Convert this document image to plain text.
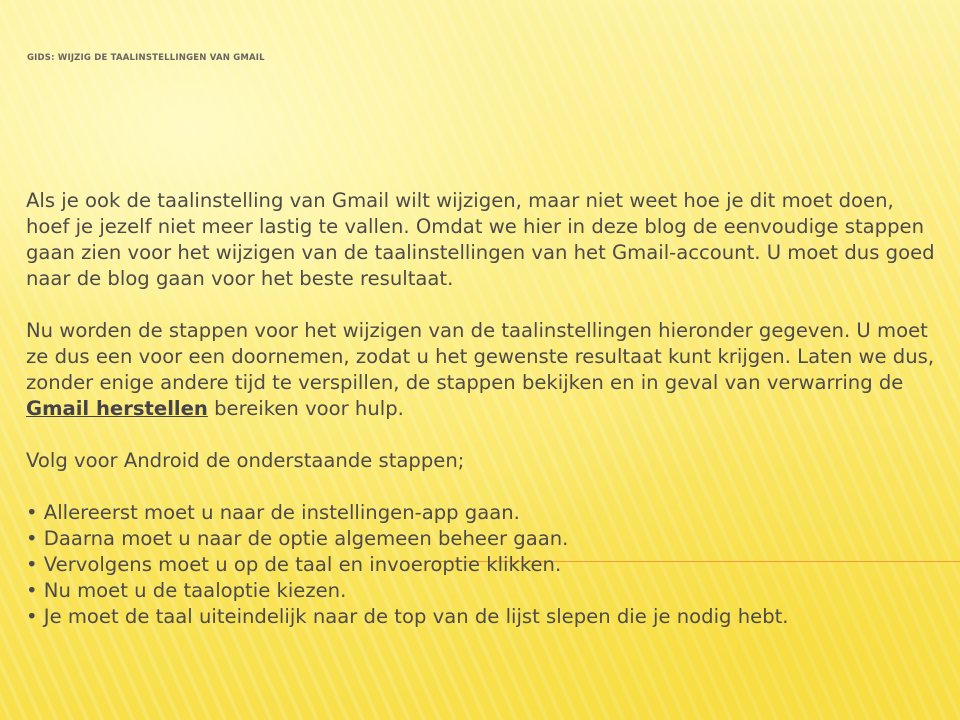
GIDS: WIJZIG DE TAALINSTELLINGEN VAN GMAIL

Als je ook de taalinstelling van Gmail wilt wijzigen, maar niet weet hoe je dit moet doen, hoef je jezelf niet meer lastig te vallen. Omdat we hier in deze blog de eenvoudige stappen gaan zien voor het wijzigen van de taalinstellingen van het Gmail-account. U moet dus goed naar de blog gaan voor het beste resultaat.

Nu worden de stappen voor het wijzigen van de taalinstellingen hieronder gegeven. U moet ze dus een voor een doornemen, zodat u het gewenste resultaat kunt krijgen. Laten we dus, zonder enige andere tijd te verspillen, de stappen bekijken en in geval van verwarring de Gmail herstellen bereiken voor hulp.

Volg voor Android de onderstaande stappen;

• Allereerst moet u naar de instellingen-app gaan.
• Daarna moet u naar de optie algemeen beheer gaan.
• Vervolgens moet u op de taal en invoeroptie klikken.
• Nu moet u de taaloptie kiezen.
• Je moet de taal uiteindelijk naar de top van de lijst slepen die je nodig hebt.
